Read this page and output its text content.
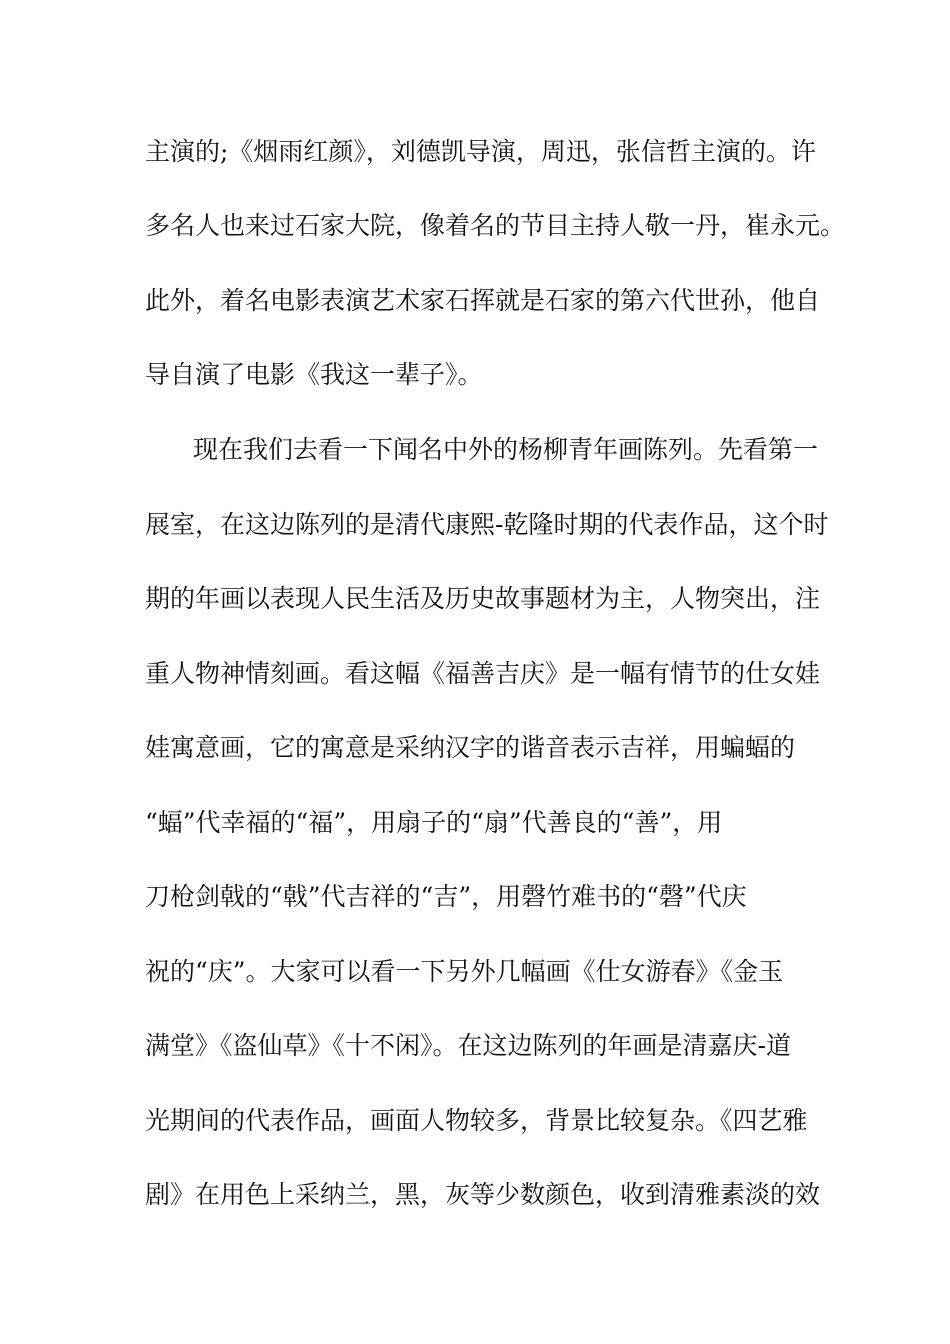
主演的;《烟雨红颜》，刘德凯导演，周迅，张信哲主演的。许

多名人也来过石家大院，像着名的节目主持人敬一丹，崔永元。

此外，着名电影表演艺术家石挥就是石家的第六代世孙，他自

导自演了电影《我这一辈子》。

现在我们去看一下闻名中外的杨柳青年画陈列。先看第一

展室，在这边陈列的是清代康熙-乾隆时期的代表作品，这个时

期的年画以表现人民生活及历史故事题材为主，人物突出，注

重人物神情刻画。看这幅《福善吉庆》是一幅有情节的仕女娃

娃寓意画，它的寓意是采纳汉字的谐音表示吉祥，用蝙蝠的

“蝠”代幸福的“福”，用扇子的“扇”代善良的“善”，用

刀枪剑戟的“戟”代吉祥的“吉”，用磬竹难书的“磬”代庆

祝的“庆”。大家可以看一下另外几幅画《仕女游春》《金玉

满堂》《盗仙草》《十不闲》。在这边陈列的年画是清嘉庆-道

光期间的代表作品，画面人物较多，背景比较复杂。《四艺雅

剧》在用色上采纳兰，黑，灰等少数颜色，收到清雅素淡的效
